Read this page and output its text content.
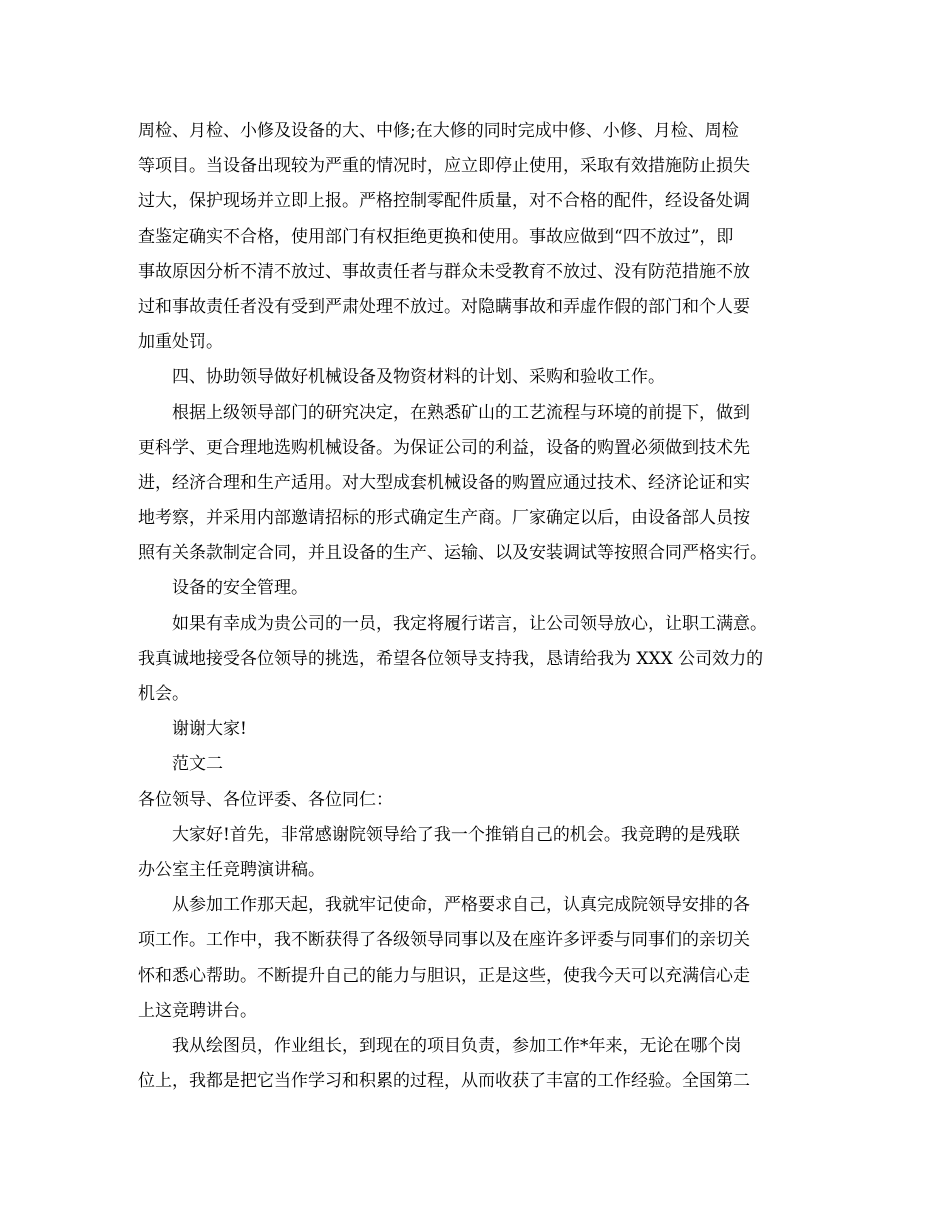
周检、月检、小修及设备的大、中修;在大修的同时完成中修、小修、月检、周检
等项目。当设备出现较为严重的情况时，应立即停止使用，采取有效措施防止损失
过大，保护现场并立即上报。严格控制零配件质量，对不合格的配件，经设备处调
查鉴定确实不合格，使用部门有权拒绝更换和使用。事故应做到“四不放过”，即
事故原因分析不清不放过、事故责任者与群众未受教育不放过、没有防范措施不放
过和事故责任者没有受到严肃处理不放过。对隐瞒事故和弄虚作假的部门和个人要
加重处罚。
四、协助领导做好机械设备及物资材料的计划、采购和验收工作。
根据上级领导部门的研究决定，在熟悉矿山的工艺流程与环境的前提下，做到
更科学、更合理地选购机械设备。为保证公司的利益，设备的购置必须做到技术先
进，经济合理和生产适用。对大型成套机械设备的购置应通过技术、经济论证和实
地考察，并采用内部邀请招标的形式确定生产商。厂家确定以后，由设备部人员按
照有关条款制定合同，并且设备的生产、运输、以及安装调试等按照合同严格实行。
设备的安全管理。
如果有幸成为贵公司的一员，我定将履行诺言，让公司领导放心，让职工满意。
我真诚地接受各位领导的挑选，希望各位领导支持我，恳请给我为 XXX 公司效力的
机会。
谢谢大家!
范文二
各位领导、各位评委、各位同仁：
大家好!首先，非常感谢院领导给了我一个推销自己的机会。我竞聘的是残联
办公室主任竞聘演讲稿。
从参加工作那天起，我就牢记使命，严格要求自己，认真完成院领导安排的各
项工作。工作中，我不断获得了各级领导同事以及在座许多评委与同事们的亲切关
怀和悉心帮助。不断提升自己的能力与胆识，正是这些，使我今天可以充满信心走
上这竞聘讲台。
我从绘图员，作业组长，到现在的项目负责，参加工作*年来，无论在哪个岗
位上，我都是把它当作学习和积累的过程，从而收获了丰富的工作经验。全国第二
